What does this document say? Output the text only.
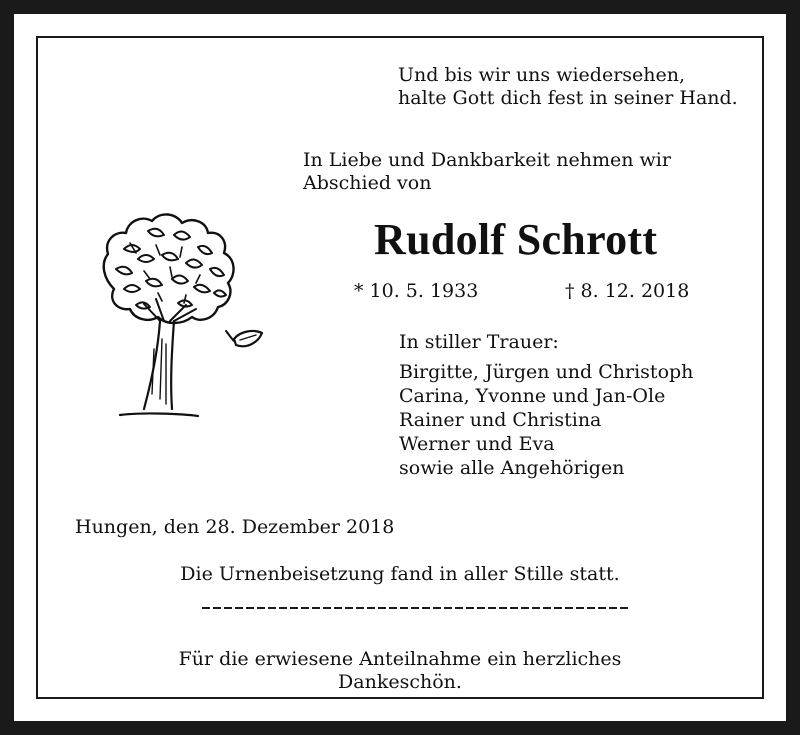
Und bis wir uns wiedersehen,
halte Gott dich fest in seiner Hand.

In Liebe und Dankbarkeit nehmen wir
Abschied von

Rudolf Schrott
* 10. 5. 1933	† 8. 12. 2018
In stiller Trauer:
Birgitte, Jürgen und Christoph
Carina, Yvonne und Jan-Ole
Rainer und Christina
Werner und Eva
sowie alle Angehörigen
Hungen, den 28. Dezember 2018

Die Urnenbeisetzung fand in aller Stille statt.

Für die erwiesene Anteilnahme ein herzliches
Dankeschön.
